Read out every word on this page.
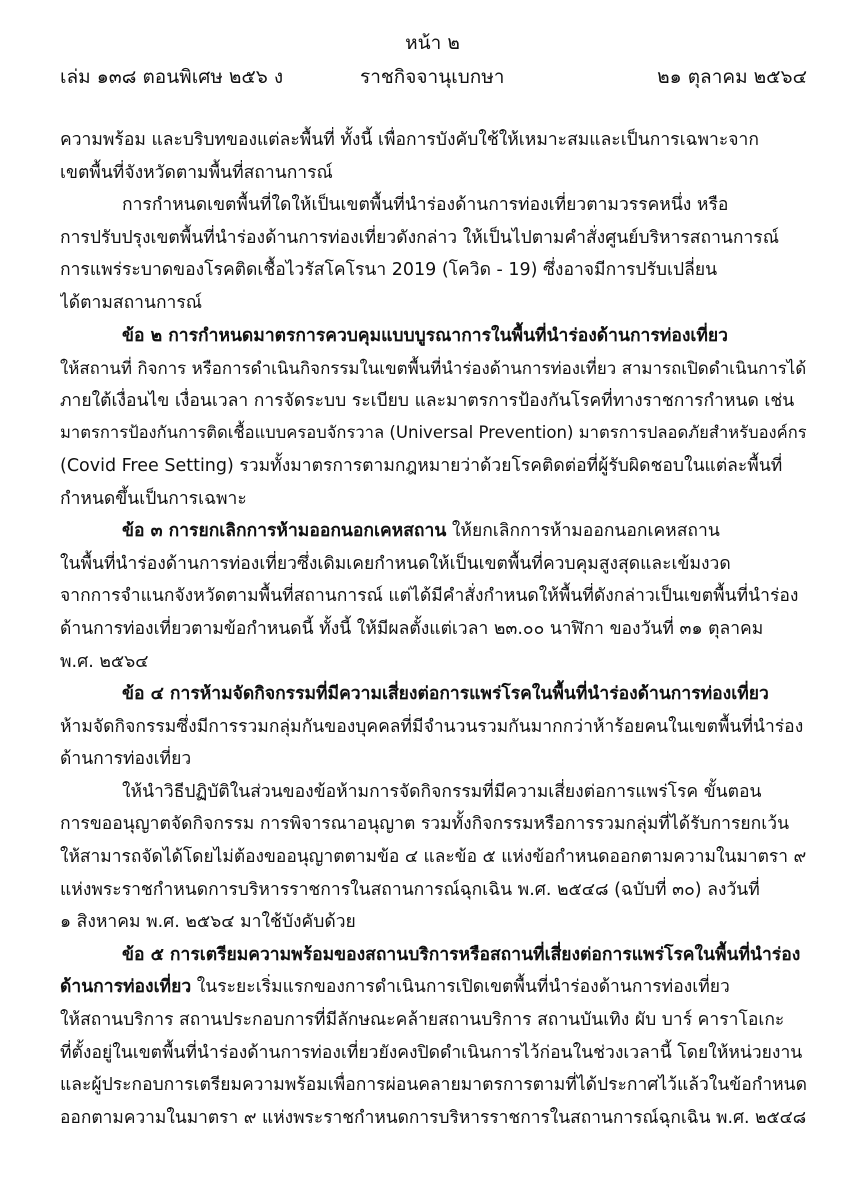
หน้า ๒
เล่ม ๑๓๘ ตอนพิเศษ ๒๕๖ ง	ราชกิจจานุเบกษา	๒๑ ตุลาคม ๒๕๖๔
ความพร้อม และบริบทของแต่ละพื้นที่ ทั้งนี้ เพื่อการบังคับใช้ให้เหมาะสมและเป็นการเฉพาะจาก
เขตพื้นที่จังหวัดตามพื้นที่สถานการณ์
การกำหนดเขตพื้นที่ใดให้เป็นเขตพื้นที่นำร่องด้านการท่องเที่ยวตามวรรคหนึ่ง หรือ
การปรับปรุงเขตพื้นที่นำร่องด้านการท่องเที่ยวดังกล่าว ให้เป็นไปตามคำสั่งศูนย์บริหารสถานการณ์
การแพร่ระบาดของโรคติดเชื้อไวรัสโคโรนา 2019 (โควิด - 19) ซึ่งอาจมีการปรับเปลี่ยน
ได้ตามสถานการณ์
ข้อ ๒ การกำหนดมาตรการควบคุมแบบบูรณาการในพื้นที่นำร่องด้านการท่องเที่ยว
ให้สถานที่ กิจการ หรือการดำเนินกิจกรรมในเขตพื้นที่นำร่องด้านการท่องเที่ยว สามารถเปิดดำเนินการได้
ภายใต้เงื่อนไข เงื่อนเวลา การจัดระบบ ระเบียบ และมาตรการป้องกันโรคที่ทางราชการกำหนด เช่น
มาตรการป้องกันการติดเชื้อแบบครอบจักรวาล (Universal Prevention) มาตรการปลอดภัยสำหรับองค์กร
(Covid Free Setting) รวมทั้งมาตรการตามกฎหมายว่าด้วยโรคติดต่อที่ผู้รับผิดชอบในแต่ละพื้นที่
กำหนดขึ้นเป็นการเฉพาะ
ข้อ ๓ การยกเลิกการห้ามออกนอกเคหสถาน ให้ยกเลิกการห้ามออกนอกเคหสถาน
ในพื้นที่นำร่องด้านการท่องเที่ยวซึ่งเดิมเคยกำหนดให้เป็นเขตพื้นที่ควบคุมสูงสุดและเข้มงวด
จากการจำแนกจังหวัดตามพื้นที่สถานการณ์ แต่ได้มีคำสั่งกำหนดให้พื้นที่ดังกล่าวเป็นเขตพื้นที่นำร่อง
ด้านการท่องเที่ยวตามข้อกำหนดนี้ ทั้งนี้ ให้มีผลตั้งแต่เวลา ๒๓.๐๐ นาฬิกา ของวันที่ ๓๑ ตุลาคม
พ.ศ. ๒๕๖๔
ข้อ ๔ การห้ามจัดกิจกรรมที่มีความเสี่ยงต่อการแพร่โรคในพื้นที่นำร่องด้านการท่องเที่ยว
ห้ามจัดกิจกรรมซึ่งมีการรวมกลุ่มกันของบุคคลที่มีจำนวนรวมกันมากกว่าห้าร้อยคนในเขตพื้นที่นำร่อง
ด้านการท่องเที่ยว
ให้นำวิธีปฏิบัติในส่วนของข้อห้ามการจัดกิจกรรมที่มีความเสี่ยงต่อการแพร่โรค ขั้นตอน
การขออนุญาตจัดกิจกรรม การพิจารณาอนุญาต รวมทั้งกิจกรรมหรือการรวมกลุ่มที่ได้รับการยกเว้น
ให้สามารถจัดได้โดยไม่ต้องขออนุญาตตามข้อ ๔ และข้อ ๕ แห่งข้อกำหนดออกตามความในมาตรา ๙
แห่งพระราชกำหนดการบริหารราชการในสถานการณ์ฉุกเฉิน พ.ศ. ๒๕๔๘ (ฉบับที่ ๓๐) ลงวันที่
๑ สิงหาคม พ.ศ. ๒๕๖๔ มาใช้บังคับด้วย
ข้อ ๕ การเตรียมความพร้อมของสถานบริการหรือสถานที่เสี่ยงต่อการแพร่โรคในพื้นที่นำร่อง
ด้านการท่องเที่ยว ในระยะเริ่มแรกของการดำเนินการเปิดเขตพื้นที่นำร่องด้านการท่องเที่ยว
ให้สถานบริการ สถานประกอบการที่มีลักษณะคล้ายสถานบริการ สถานบันเทิง ผับ บาร์ คาราโอเกะ
ที่ตั้งอยู่ในเขตพื้นที่นำร่องด้านการท่องเที่ยวยังคงปิดดำเนินการไว้ก่อนในช่วงเวลานี้ โดยให้หน่วยงาน
และผู้ประกอบการเตรียมความพร้อมเพื่อการผ่อนคลายมาตรการตามที่ได้ประกาศไว้แล้วในข้อกำหนด
ออกตามความในมาตรา ๙ แห่งพระราชกำหนดการบริหารราชการในสถานการณ์ฉุกเฉิน พ.ศ. ๒๕๔๘
